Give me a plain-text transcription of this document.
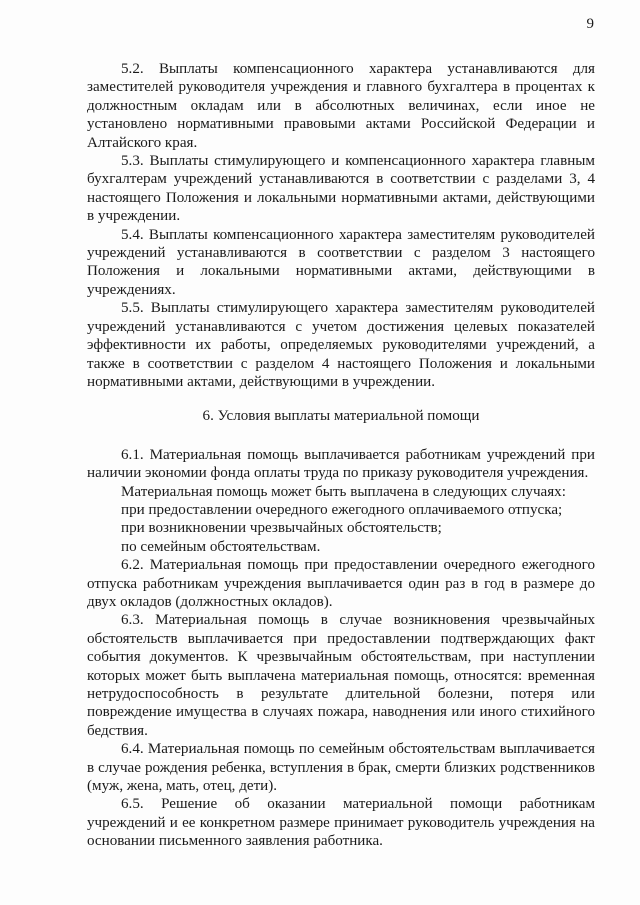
9

5.2. Выплаты компенсационного характера устанавливаются для заместителей руководителя учреждения и главного бухгалтера в процентах к должностным окладам или в абсолютных величинах, если иное не установлено нормативными правовыми актами Российской Федерации и Алтайского края.

5.3. Выплаты стимулирующего и компенсационного характера главным бухгалтерам учреждений устанавливаются в соответствии с разделами 3, 4 настоящего Положения и локальными нормативными актами, действующими в учреждении.

5.4. Выплаты компенсационного характера заместителям руководителей учреждений устанавливаются в соответствии с разделом 3 настоящего Положения и локальными нормативными актами, действующими в учреждениях.

5.5. Выплаты стимулирующего характера заместителям руководителей учреждений устанавливаются с учетом достижения целевых показателей эффективности их работы, определяемых руководителями учреждений, а также в соответствии с разделом 4 настоящего Положения и локальными нормативными актами, действующими в учреждении.

6. Условия выплаты материальной помощи

6.1. Материальная помощь выплачивается работникам учреждений при наличии экономии фонда оплаты труда по приказу руководителя учреждения.

Материальная помощь может быть выплачена в следующих случаях:

при предоставлении очередного ежегодного оплачиваемого отпуска;

при возникновении чрезвычайных обстоятельств;

по семейным обстоятельствам.

6.2. Материальная помощь при предоставлении очередного ежегодного отпуска работникам учреждения выплачивается один раз в год в размере до двух окладов (должностных окладов).

6.3. Материальная помощь в случае возникновения чрезвычайных обстоятельств выплачивается при предоставлении подтверждающих факт события документов. К чрезвычайным обстоятельствам, при наступлении которых может быть выплачена материальная помощь, относятся: временная нетрудоспособность в результате длительной болезни, потеря или повреждение имущества в случаях пожара, наводнения или иного стихийного бедствия.

6.4. Материальная помощь по семейным обстоятельствам выплачивается в случае рождения ребенка, вступления в брак, смерти близких родственников (муж, жена, мать, отец, дети).

6.5. Решение об оказании материальной помощи работникам учреждений и ее конкретном размере принимает руководитель учреждения на основании письменного заявления работника.
